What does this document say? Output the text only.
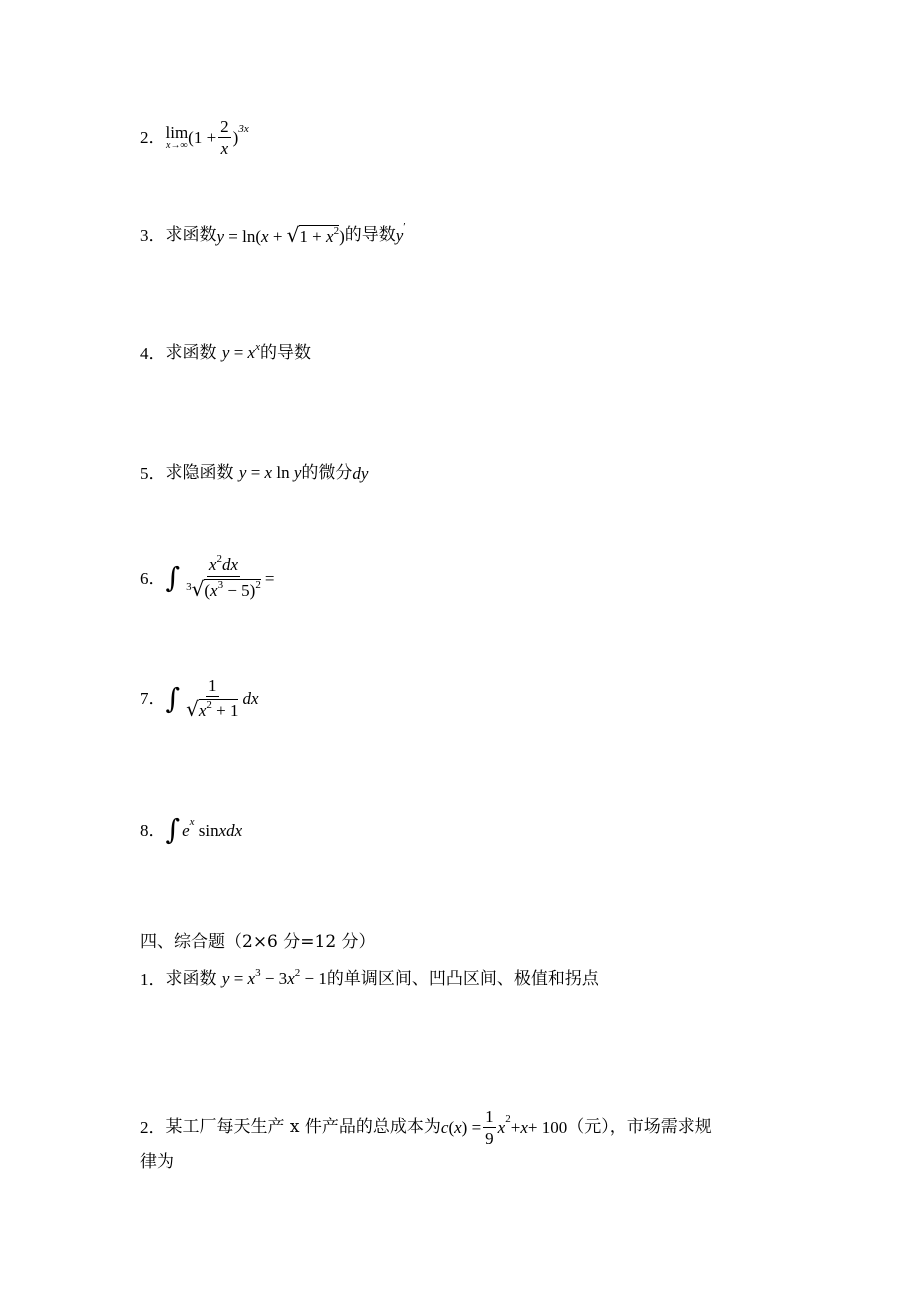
2． lim
x→∞ ($1 + \frac{2}{x}$ ) 3x
3． 求函数 $y = \ln(x + √1 + x^2)$ 的导数 y ′
4． 求函数 $y = x^x$ 的导数
5． 求隐函数 y = x ln y 的微分 dy
6． ∫ $\frac{x^2dx}{^3√(x^3 - 5)^2}$ =
7． ∫ $\frac{1}{√x^2 + 1}$ dx
8． ∫ e x sin xdx
四、综合题（2×6 分=12 分）
1． 求函数 $y = x^3 - 3x^2 - 1$ 的单调区间、凹凸区间、极值和拐点
2． 某工厂每天生产 x 件产品的总成本为 c ( x ) = $\frac{1}{9}$ x 2 + x + 100 （元），市场需求规
律为
